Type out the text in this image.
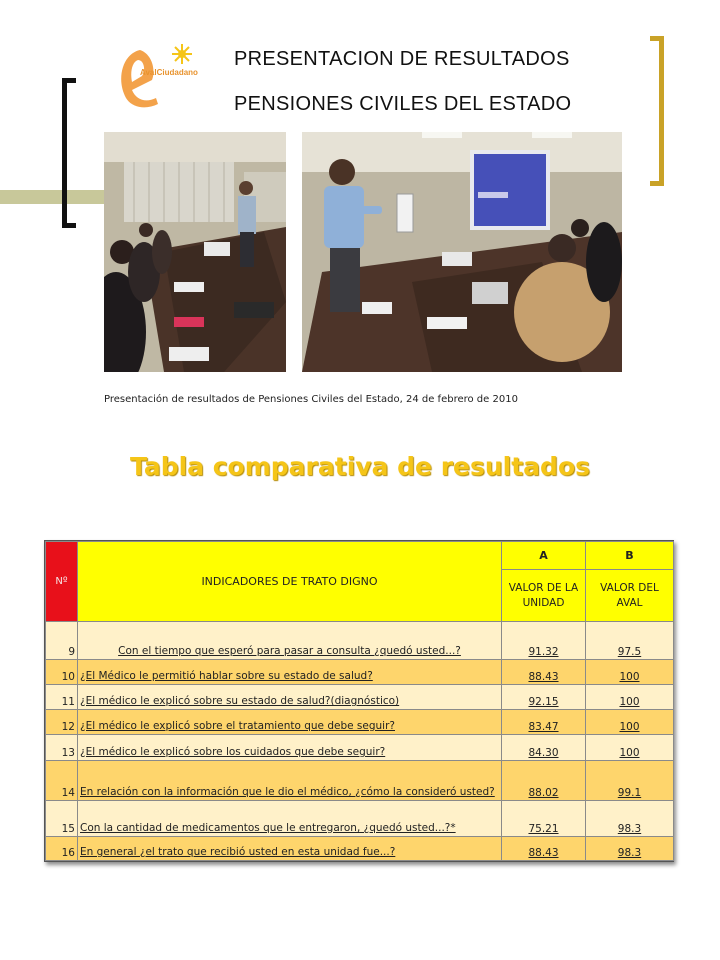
AvalCiudadano
PRESENTACION DE RESULTADOS
PENSIONES CIVILES DEL ESTADO
Presentación de resultados de Pensiones Civiles del Estado, 24 de febrero de 2010
Tabla comparativa de resultados
Nº	INDICADORES DE TRATO DIGNO	A	B
		VALOR DE LA UNIDAD	VALOR DEL AVAL
9	Con el tiempo que esperó para pasar a consulta ¿quedó usted...?	91.32	97.5
10	¿El Médico le permitió hablar sobre su estado de salud?	88.43	100
11	¿El médico le explicó sobre su estado de salud?(diagnóstico)	92.15	100
12	¿El médico le explicó sobre el tratamiento que debe seguir?	83.47	100
13	¿El médico le explicó sobre los cuidados que debe seguir?	84.30	100
14	En relación con la información que le dio el médico, ¿cómo la consideró usted?	88.02	99.1
15	Con la cantidad de medicamentos que le entregaron, ¿quedó usted...?*	75.21	98.3
16	En general ¿el trato que recibió usted en esta unidad fue...?	88.43	98.3
